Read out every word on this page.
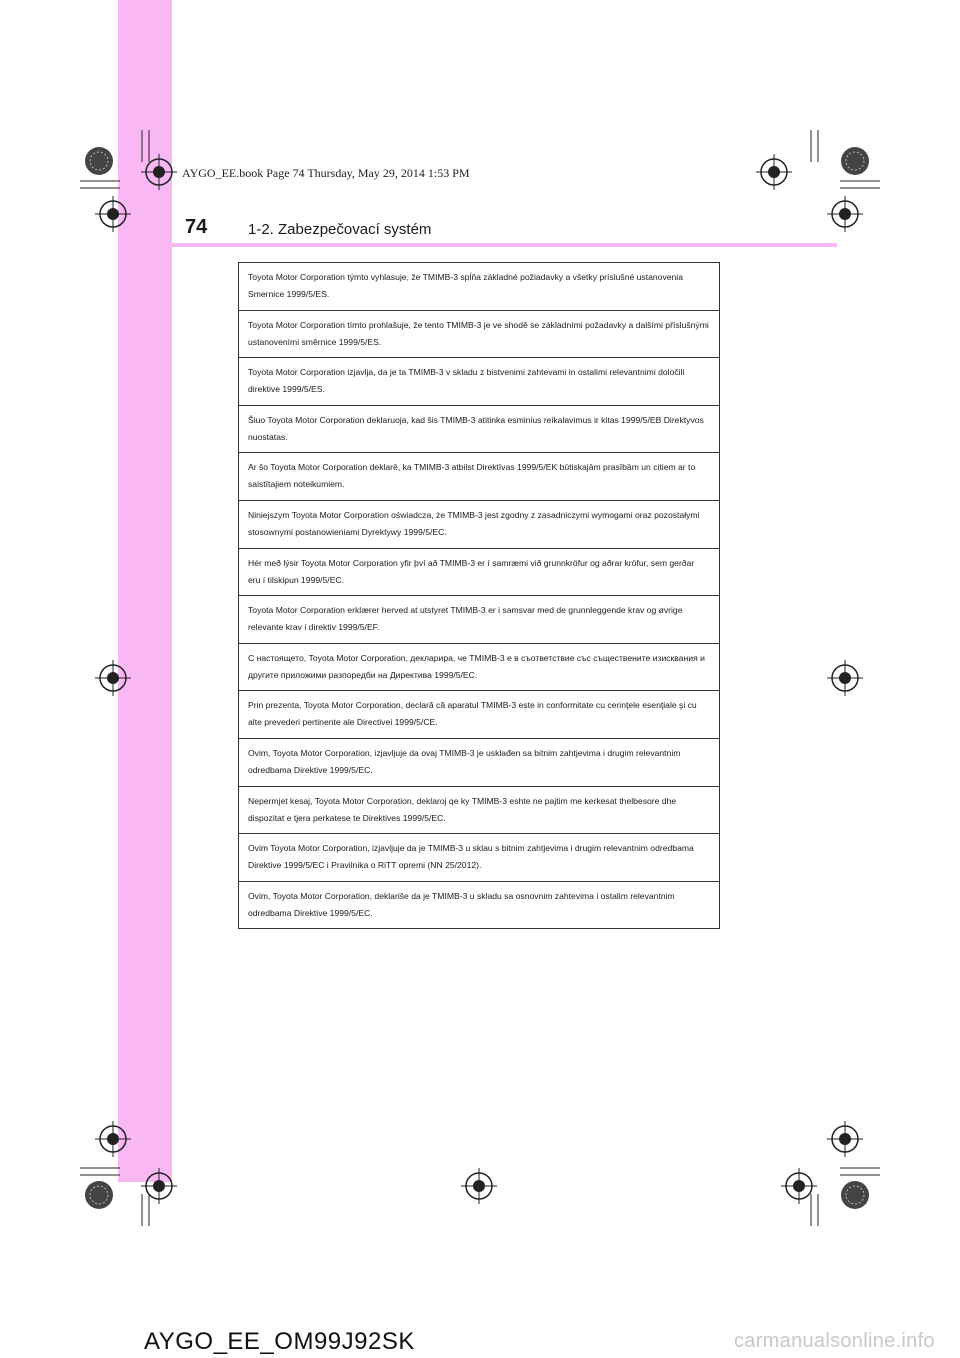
AYGO_EE.book Page 74 Thursday, May 29, 2014 1:53 PM
74	1-2. Zabezpečovací systém
Toyota Motor Corporation týmto vyhlasuje, že TMIMB-3 spĺňa základné požiadavky a všetky príslušné ustanovenia Smernice 1999/5/ES.
Toyota Motor Corporation tímto prohlašuje, že tento TMIMB-3 je ve shodě se základními požadavky a dalšími příslušnými ustanoveními směrnice 1999/5/ES.
Toyota Motor Corporation izjavlja, da je ta TMIMB-3 v skladu z bistvenimi zahtevami in ostalimi relevantnimi določili direktive 1999/5/ES.
Šiuo Toyota Motor Corporation deklaruoja, kad šis TMIMB-3 atitinka esminius reikalavimus ir kitas 1999/5/EB Direktyvos nuostatas.
Ar šo Toyota Motor Corporation deklarē, ka TMIMB-3 atbilst Direktīvas 1999/5/EK būtiskajām prasībām un citiem ar to saistītajiem noteikumiem.
Niniejszym Toyota Motor Corporation oświadcza, że TMIMB-3 jest zgodny z zasadniczymi wymogami oraz pozostałymi stosownymi postanowieniami Dyrektywy 1999/5/EC.
Hér með lýsir Toyota Motor Corporation yfir því að TMIMB-3 er í samræmi við grunnkröfur og aðrar kröfur, sem gerðar eru í tilskipun 1999/5/EC.
Toyota Motor Corporation erklærer herved at utstyret TMIMB-3 er i samsvar med de grunnleggende krav og øvrige relevante krav i direktiv 1999/5/EF.
С настоящето, Toyota Motor Corporation, декларира, че TMIMB-3 е в съответствие със съществените изисквания и другите приложими разпоредби на Директива 1999/5/ЕС.
Prin prezenta, Toyota Motor Corporation, declară că aparatul TMIMB-3 este in conformitate cu cerinţele esenţiale şi cu alte prevederi pertinente ale Directivei 1999/5/CE.
Ovim, Toyota Motor Corporation, izjavljuje da ovaj TMIMB-3 je usklađen sa bitnim zahtjevima i drugim relevantnim odredbama Direktive 1999/5/EC.
Nepermjet kesaj, Toyota Motor Corporation, deklaroj qe ky TMIMB-3 eshte ne pajtim me kerkesat thelbesore dhe dispozitat e tjera perkatese te Direktives 1999/5/EC.
Ovim Toyota Motor Corporation, izjavljuje da je TMIMB-3 u sklau s bitnim zahtjevima i drugim relevantnim odredbama Direktive 1999/5/EC i Pravilnika o RiTT opremi (NN 25/2012).
Ovim, Toyota Motor Corporation, deklariše da je TMIMB-3 u skladu sa osnovnim zahtevima i ostalim relevantnim odredbama Direktive 1999/5/EC.
AYGO_EE_OM99J92SK	carmanualsonline.info
